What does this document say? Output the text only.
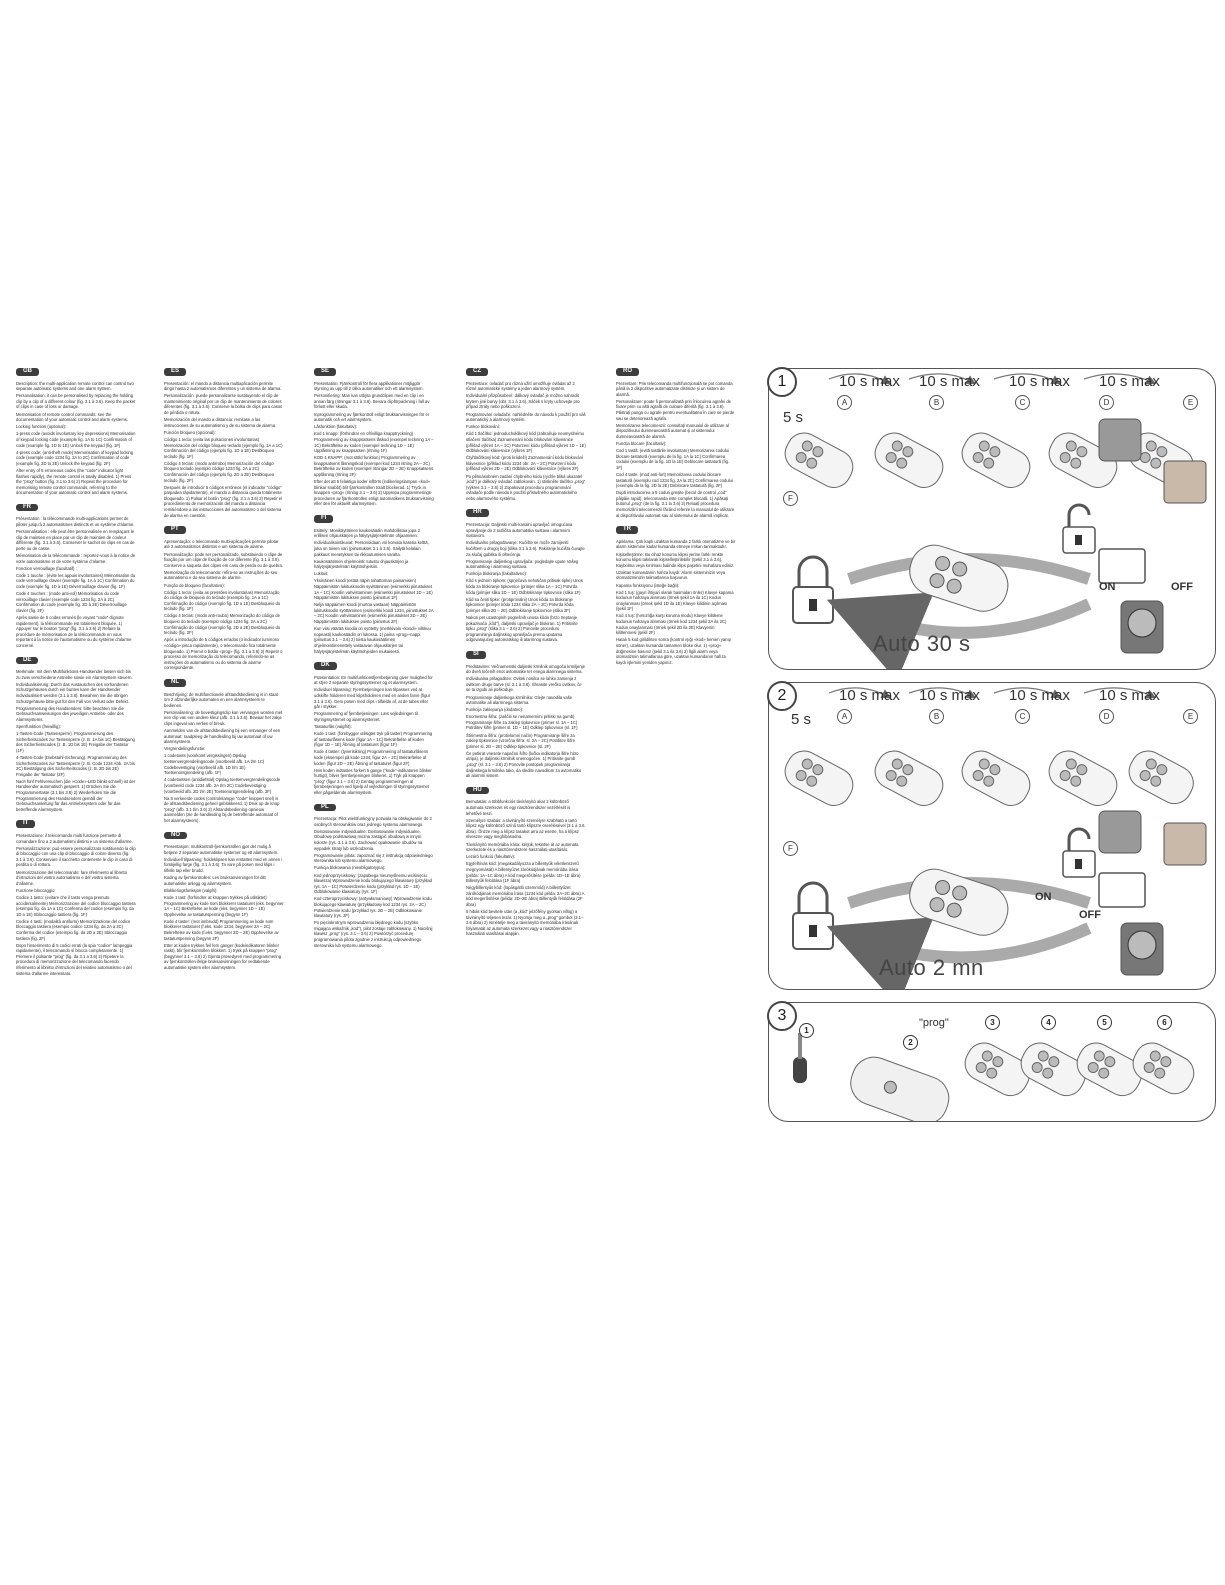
GB
Description: the multi-application remote control can control two separate automatic systems and one alarm system.
Personalisation: it can be personalised by replacing the holding clip by a clip of a different colour (fig. 3.1 à 3.6). Keep the packet of clips in case of loss or damage.
Memorisation of remote control commands: see the documentation of your automatic control and alarm systems.
Locking function (optional):
1-press code (avoids involuntary key depressions) Memorisation of keypad locking code (example fig. 1A to 1C) Confirmation of code (example fig. 1D to 1E) Unlock the keypad (fig. 1F)
4-press code: (anti-theft mode) Memorisation of keypad locking code (example code 1234 fig. 2A to 2C) Confirmation of code (example fig. 2D to 2E) Unlock the keypad (fig. 2F)
After entry of 5 erroneous codes (the “code” indicator light flashes rapidly), the remote control is totally disabled. 1) Press the “prog” button (fig. 3.1 to 3.6) 2) Repeat the procedure for memorising remote control commands, referring to the documentation of your automatic control and alarm systems.
FR
Présentation : la télécommande multi-applications permet de piloter jusqu’à 2 automatismes distincts et un système d’alarme.
Personnalisation : elle peut être personnalisée en remplaçant le clip de maintien en place par un clip de maintien de couleur différente (fig. 3.1 à 3.6). Conserver le sachet de clips en cas de perte ou de casse.
Mémorisation de la télécommande : reportez-vous à la notice de votre automatisme et de votre système d’alarme.
Fonction verrouillage (facultatif) :
Code 1 touche : (évite les appuis involontaires) Mémorisation du code verrouillage clavier (exemple fig. 1A à 1C) Confirmation du code (exemple fig. 1D à 1E) Déverrouillage clavier (fig. 1F)
Code 4 touches : (mode anti-vol) Mémorisation du code verrouillage clavier (exemple code 1234 fig. 2A à 2C) Confirmation du code (exemple fig. 2D à 2E) Déverrouillage clavier (fig. 2F)
Après saisie de 5 codes erronés (le voyant “code” clignote rapidement), la télécommande est totalement bloquée. 1) Appuyer sur le bouton “prog” (fig. 3.1 à 3.6) 2) Refaire la procédure de mémorisation de la télécommande en vous reportant à la notice de l’automatisme ou du système d’alarme concerné.
DE
Merkmale: mit dem Multifunktions-Handsender lassen sich bis zu zwei verschiedene Antriebe sowie ein Alarmsystem steuern.
Individualisierung: Durch das Austauschen des vorhandenen Schutzgehäuses durch ein buntes kann der Handsender individualisiert werden (3.1 à 3.6). Bewahren Sie die übrigen Schutzgehäuse bitte gut für den Fall von Verlust oder Defekt.
Programmierung des Handsenders: bitte beachten Sie die Gebrauchsanweisungen des jeweiligen Antriebs- oder des Alarmsystems.
Sperrfunktion (freiwillig):
1-Tasten-Code (Tastensperre). Programmierung des Sicherheitscodes zur Tastensperre (z. B. 1A bis 1C) Bestätigung des Sicherheitscodes (z. B. 1D bis 1E) Freigabe der Tastatur (1F)
4-Tasten-Code (Diebstahl-Sicherung). Programmierung des Sicherheitscodes zur Tastensperre (z. B. Code 1234 Abb. 2A bis 2C) Bestätigung des Sicherheitscodes (z. B. 2D bis 2E) Freigabe der Tastatur (2F)
Nach fünf Fehlversuchen (die «Code»-LED blinkt schnell) ist der Handsender automatisch gesperrt. 1) Drücken Sie die Programmiertaste (3.1 bis 3.6) 2) Wiederholen Sie die Programmierung des Handsenders gemäß der Gebrauchsanleitung für das Antriebssystem oder für das betreffende Alarmsystem.
IT
Presentazione: il telecomando multi funzione permette di comandare fino a 2 automatismi distinti e un sistema d’allarme.
Personalizzazione: può essere personalizzato sostituendo la clip di bloccaggio con una clip di bloccaggio di colore diverso (fig. 3.1 à 3.6). Conservare il sacchetto contenente le clip in caso di perdita o di rottura.
Memorizzazione del telecomando: fare riferimento al libretto d’istruzioni del vostro automatismo e del vostro sistema d’allarme.
Funzione bloccaggio:
Codice 1 tasto: (evitare che il tasto venga premuto accidentalmente) Memorizzazione del codice bloccaggio tastiera (esempio fig. da 1A a 1C) Conferma del codice (esempio fig. da 1D a 1E) Sbloccaggio tastiera (fig. 1F)
Codice 4 tasti: (modalità antifurto) Memorizzazione del codice bloccaggio tastiera (esempio codice 1234 fig. da 2A a 2C) Conferma del codice (esempio fig. da 2D a 2E) Sbloccaggio tastiera (fig. 2F)
Dopo l’inserimento di 5 codici errati (la spia “codice” lampeggia rapidamente), il telecomando si blocca completamente. 1) Premere il pulsante “prog” (fig. da 3.1 a 3.6) 2) Ripetere la procedura di memorizzazione del telecomando facendo riferimento al libretto d’istruzioni del relativo automatismo o del sistema d’allarme interessato.
ES
Presentación: el mando a distancia multiaplicación permite dirigir hasta 2 automatismos diferentes y un sistema de alarma.
Personalización: puede personalizarse sustituyendo el clip de mantenimiento original por un clip de mantenimiento de colores diferentes (fig. 3.1 à 3.6). Conserve la bolsa de clips para casos de pérdida o rotura.
Memorización del mando a distancia: remitase a las instrucciones de su automatismo y de su sistema de alarma.
Función bloqueo (opcional):
Código 1 tecla: (evita las pulsaciones involuntarias) Memorización del código bloqueo teclado (ejemplo fig. 1A a 1C) Confirmación del código (ejemplo fig. 1D a 1E) Desbloqueo teclado (fig. 1F)
Código 4 teclas: (modo antirrobo) Memorización del código bloqueo teclado (ejemplo código 1234 fig. 2A a 2C) Confirmación del código (ejemplo fig. 2D a 2E) Desbloqueo teclado (fig. 2F)
Después de introducir 5 códigos erróneos (el indicador “código” parpadea rápidamente), el mando a distancia queda totalmente bloqueado. 1) Pulsar el botón “prog” (fig. 3.1 a 3.6) 2) Repetir el procedimiento de memorización del mando a distancia remitiéndose a las instrucciones del automatismo o del sistema de alarma en cuestión.
PT
Apresentação: o telecomando multi-aplicações permite pilotar até 2 automatismos distintos e um sistema de alarme.
Personalização: pode ser personalizado, substituindo o clipe de fixação por um clipe de fixação de cor diferente (fig. 3.1 à 3.6). Conserve a saqueta dos clipes em caso de perda ou de quebra.
Memorização do telecomando: refira-se as instruções do seu automatismo e do seu sistema de alarme.
Função de bloqueio (facultativo):
Código 1 tecla: (evita as pressões involuntárias) Memorização do código de bloqueio do teclado (exemplo fig. 1A a 1C) Confirmação do código (exemplo fig. 1D a 1E) Desbloqueio do teclado (fig. 1F)
Código 4 teclas: (modo anti-roubo) Memorização do código de bloqueio do teclado (exemplo código 1234 fig. 2A a 2C) Confirmação do código (exemplo fig. 2D a 2E) Desbloqueio do teclado (fig. 2F)
Após a introdução de 5 códigos errados (o indicador luminoso «código» pisca rapidamente), o telecomando fica totalmente bloqueado. 1) Premir o botão «prog» (fig. 3.1 a 3.6) 2) Repetir o processo de memorização do telecomando, referindo-se as instruções do automatismo ou do sistema de alarme correspondente.
NL
Beschrijving: de multifunctionele afstandsbediening is in staat om 2 afzonderlijke automaten en een alarmsysteem te bedienen.
Personalisering: de bevestigingsclip kan vervangen worden met een clip van een andere kleur (afb. 3.1 à 3.6). Bewaar het zakje clips ingeval van verlies of breuk.
Aanmelden van de afstandsbediening bij een ontvanger of een automaat: raadpleeg de handleiding bij uw automaat of uw alarmsysteem.
Vergrendelingsfunctie:
1 codetoets (voorkomt vergissingen) Opslag toetsenvergrendelingscode (voorbeeld afb. 1A t/m 1C) Codebevestiging (voorbeeld afb. 1D t/m 1E) Toetsenontgrendeling (afb. 1F)
4 codetoetsen (antidiefstal) Opslag toetsenvergrendelingscode (voorbeeld code 1234 afb. 2A t/m 2C) Codebevestiging (voorbeeld afb. 2D t/m 2E) Toetsenontgrendeling (afb. 2F)
Na 5 verkeerde codes (controlelampje “code” knippert snel) is de afstandsbediening geheel geblokkeerd. 1) Druk op de knop “prog” (afb. 3.1 t/m 3.6) 2) Afstandsbediening opnieuw aanmelden (zie de handleiding bij de betreffende automaat of het alarmsysteem).
NO
Presentasjon: multikontroll-fjernkontrollen gjør det mulig å betjene 2 separate automatiske systemer og ett alarmsystem.
Individuell tilpasning: holdeklipsen kan erstattes med en annen i forskjellig farge (fig. 3.1 à 3.6). Ta vare på posen med klips i tilfelle tap eller brudd.
Koding av fjernkontrollen: Les bruksanvisningen for ditt automatiske anlegg og alarmsystem.
Blokkeringsfunksjon (valgfri):
Kode 1 tast: (forhindrer at knappen trykkes på utilsiktet) Programmering av kode som blokkerer tastaturet (eks. begynner 1A – 1C) Bekreftelse av kode (eks. begynner 1D – 1E) Opphevelse av tastaturspenning (begynn 1F)
Kode 4 taster: (mot innbrudd) Programmering av kode som blokkerer tastaturet (f.eks. kode 1234, begynner 2A – 2C) Bekreftelse av kode (f.eks. begynner 2D – 2E) Opphevelse av tastaturspenning (begynn 2F)
Etter at koden trykkes feil fem ganger (kodeindikatoren blinker raskt), blir fjernkontrollen blokkert. 1) trykk på knappen “prog” (begynner 3.1 – 3.6) 2) Gjenta prosedyren med programmering av fjernkontrollen ifelge bruksanvisningen for vedtakende automatiske system eller alarmsystem.
SE
Presentation: Fjärrkontroll för flera applikationer möjliggör styrning av upp till 2 olika automatiker och ett alarmsystem.
Personifiering: Man kan utbyta grundclipen med en clip i en annan färg (ritningar 3.1 à 3.6). Bevara clipförpackning i fall av förlust eller skada.
Inprogrammering av fjärrkontroll enligt bruksanvisningen för er automatik och ert alarmsystem.
Låsfunktion (fakultativ):
Kod 1 knapp: (förhindrar en ofrivilliga knapptryckning) Programmering av knappsatsens låskod (exempel teckning 1A – 1C) Bekräftelse av koden (exempel teckning 1D – 1E) Upplåsning av knappsatsen (ritning 1F)
KOD 4 KNAPP: (mot stöld funktion) Programmering av knappsatsens låsningskod (exempel kod 1234 ritning 2A – 2C) Bekräftelse av koden (exempel ritningar 2D – 2E) Knappsatsens upplåsning (ritning 2F)
Efter det att 5 felaktiga koder inflörts (indikeringslampan «kod» blinkar snabbt) blir fjärrkontrollen totalt blockerad. 1) Tryck in knappen «prog» (ritning 3.1 – 3.6) 2) Upprepa programmerings-proceduren av fjärrkontrollen enligt automatikens bruksanvisning eller den för aktuellt alarmsystem.
FI
Esittely: Monikäyttöinen kaukosäädin mahdollistaa jopa 2 erillisen ohjauskärjen ja hälytysjärjestelmän ohjaamisen.
Individualisointikuvat: Personoidaan voi korvata kasetia kelttä, joka on toisen väri (piirustukset 3.1 à 3.6). Säilytä kelalain pakkaus menetyksen tai rikkoutumisen varalta.
Kaukosäätimen ohjelmointi: tutustu ohjauskärjen ja hälytysjärjestelmän käyttöohjeisiin.
Lukitus:
Yksinäinen koodi (estää näpin tahattoman painamisen) Näppäimistön lukituskoodin syvittäminen (esimerkki piirustukset 1A – 1C) Koodin vahvistaminen (esimerkki piirustukset 1D – 1E) Näppäimistön lukituksen poisto (piirustus 1F)
Neljä näppäimen koodi (murtoa vastaan) Näppäimistön lukituskoodin syöttäminen (esimerkki koodi 1234, piirustukset 2A – 2C) Koodin vahvistaminen (esimerkki piirustukset 2D – 2E) Näppäimistön lukituksen poisto (piirustus 2F)
Kun viisi väärää koodia on syötetty (merkkivalo «koodi» vilkkuu nopeasti) kaukosäädin on lukossa. 1) paina «prog»-nappi (piirustus 3.1 – 3.6) 2) toista kaukosäätimen ohjelmointimenettely vastaavan ohjauskärjen tai hälytysjärjestelmän käyttöohjeiden mukaisesti.
DK
Præsentation: En multifunktionsfjernbetjening giver mulighed for at styre 2 separate styringssystemer og et alarmsystem.
Individuel tilpasning: Fjernbetjeningen kan tilpasses ved at udskifte holderen med klipsholderen med en anden farve (figur 3.1 à 3.6). Gem posen med clips i tilfælde af, at de tabes eller går i stykker.
Programmering af fjernbetjeningen: Læs vejledningen til styringssystemet og alarmsystemet.
Tastaturlås (valgfrit):
Kode 1 tast: (forebygger utilsigtet tryk på taster) Programmering af tastaturlåsens kode (figur 1A – 1C) Bekræftelse af koden (figur 1D – 1E) Åbning af tastaturet (figur 1F)
Kode 4 taster: (tyverisikring) Programmering af tastaturlåsens kode (eksempel på kode 1234, figur 2A – 2C) Bekræftelse af koden (figur 2D – 2E) Åbning af tastaturet (figur 2F)
Hvis koden indtastes forkert 5 gange (“kode”-indikatoren blinker hurtigt), bliver fjernbetjeningen blokeret. 1) Tryk på knappen “prog” (figur 3.1 – 3.6) 2) Gentag programmeringen af fjernbetjeningen ved hjælp af vejledningen til styringssystemet eller pågældende alarmsystem.
PL
Prezentacja: Pilot wielofunkcyjny pozwala na obsługiwanie do 2 osobnych sterowników oraz jednego systemu alarmowego.
Dostosowanie indywidualne: Dostosowanie indywidualne. Obudowę podstawową można zastąpić obudową w innym kolorze (rys. 3.1 à 3.6). Zachować opakowanie obudów na wypadek straty lub uszkodzenia.
Programowanie pilota: zapoznać się z instrukcją odpowiedniego sterownika lub systemu alarmowego.
Funkcja blokowania (nieobligatoryjna):
Kod jednoprzyciskowy: (zapobiega nieumyślnemu wciśnięciu klawisza) Wprowadzenie kodu blokującego klawiaturę (przykład rys. 1A – 1C) Potwierdzenie kodu (przykład rys. 1D – 1E) Odblokowanie klawiatury (rys. 1F)
Kod czteroprzyciskowy: (antywłamaniowy) Wprowadzenie kodu blokującego klawiaturę (przykładowy kod 1234 rys. 2A – 2C) Potwierdzenie kodu (przykład rys. 2D – 2E) Odblokowanie klawiatury (rys. 2F)
Po pięciokrotnym wprowadzeniu błędnego kodu (szybko migająca wskaźnik „kod”), pilot zostaje zablokowany. 1) Naciśnij klawisz „prog” (rys. 3.1 – 3.6) 2) Powtórzyć procedurę programowania pilota zgodnie z instrukcją odpowiedniego sterownika lub systemu alarmowego.
CZ
Prezentace: ovladač pro různá užití umožňuje ovládat až 2 různé automatické systémy a jeden alarmový systém.
Individuální přizpůsobení: dálkový ovladač je možno nahradit krytem jiné barvy (obr. 3.1 à 3.6). Sáček s kryty uchovejte pro případ ztráty nebo poškození.
Programování ovladače: nahlédněte do návodu k použití pro váš automatický a alarmový systém.
Funkce blokování:
Kód 1 tlačítko: jednoduchoklikový kód (zabraňuje neumyslnému stlačení tlačítka) Zaznamenání kódu blokování klávesnice (příklad výkres 1A – 1C) Potvrzení kódu (příklad výkres 1D – 1E) Odblokování klávesnice (výkres 1F)
Čtyřtlačítkový kód: (proti krádeži) Zaznamenání kódu blokování klávesnice (příklad kódu 1234 obr. 2A – 2C) Potvrzení kódu (příklad výkres 2D – 2E) Odblokování klávesnice (výkres 2F)
Po pětinásobném zadání chybného kódu (rychle bliká ukazatel „kód“) je dálkový ovladač zablokován. 1) stiskněte tlačítko „prog“ (výkres 3.1 – 3.6) 2) Zopakovat proceduru programování ovladače podle návodu k použití příslušného automatického nebo alarmového systému.
HR
Prezentacija: Daljinski multi-kanalni upravljač omogućava upravljanje do 2 različita automatska sustava i alarmnim sustavom.
Individualno prilagođavanje: Kućište se može zamijeniti kućištem u drugoj boji (slika 3.1 à 3.6). Pakiranje kućišta čuvajte za slučaj gubitka ili oštećenja.
Programiranje daljinskog upravljača: pogledajte upute Vašeg automatskog i alarmnog sustava.
Funkcija blokiranja (fakultativno):
Kôd s jednom tipkom: (sprječava nehotičan pritisak tipke) Unos kôda za blokiranje tipkovnice (primjer slika 1A – 1C) Potvrda kôda (primjer slika 1D – 1E) Odblokiranje tipkovnice (slika 1F)
Kôd sa četiri tipke: (protiprovalni) Unos kôda za blokiranje tipkovnice (primjer kôda 1234 slika 2A – 2C) Potvrda kôda (primjer slika 2D – 2E) Odblokiranje tipkovnice (slika 2F)
Nakon pet uzastopnih pogrešnih unosa kôda (brzo treptanje pokazivača „kôd“), daljinski upravljač je blokiran. 1) Pritisnite tipku „prog“ (slika 3.1 – 3.6) 2) Ponovite proceduru programiranja daljinskog upravljača prema uputama odgovarajućeg automatskog ili alarmnog sustava.
SI
Predstavitev: Večnamenski daljinski krmilnik omogoča krmiljenje do dveh ločenih enot avtomatike ter enega alarmnega sistema.
Individualna prilagoditev: Ovitek nosilca se lahko zamenja z ovitkom druge barve (sl. 3.1 à 3.6). Shranite vrečko ovitkov, če se ta izgubi ali poškoduje.
Programiranje daljinskega krmilnika: Glejte navodila vaše avtomatike ali alarmnega sistema.
Funkcija zaklepanja (dodatno):
Enomestna šifra: (zaščiti se nenamernimi pritiski na gumb) Programiranje šifre za zaklep tipkovnice (primer sl. 1A – 1C) Potrditev šifre (primer sl. 1D – 1E) Odklep tipkovnice (sl. 1F)
Štirimestna šifra: (protivlomni način) Programiranje šifre za zaklep tipkovnice (vzorčna šifra: sl. 2A – 2C) Potrditev šifre (primer sl. 2D – 2E) Odklep tipkovnice (sl. 2F)
Če petkrat vnesete napačno šifro (lučka indikatorja šifre hitro utripa), je daljinski krmilnik onemogočen. 1) Pritisnite gumb „prog“ (sl. 3.1 – 3.6) 2) Ponovite postopek programiranja daljinskega krmilnika tako, da sledite navodilom za avtomatiko ali alarmni sistem.
HU
Bemutatás: a többfunkciós távirányító akar 2 különböző automata szerkezet és egy riasztórendszer vezérlését is lehetővé teszi.
Személyre szabás: a távirányító személyre szabható a tartó klípsz egy különböző színű tartó klípszre cserélésével (3.1 à 3.6. ábra). Őrizze meg a klípsz tasakot arra az esetre, ha a klípsz elveszne vagy meghibásodna.
Távirányító memóriába írása: kérjük, tekintse át az automata szerkezete és a riasztórendszere használati utasítását.
Lezáró funkció (fakultatív):
Egyfelhívás kód: (megakadályozza a billentyűk véletlenszerű megnyomását) A billentyűzet zárókódjának memóriába írása (példa: 1A–1C ábra) A kód megerősítése (példa: 1D–1E ábra) Billentyűk feloldása (1F ábra)
Négybillentyűs kód: (lopásgátló üzemmód) A billentyűzet zárókódjának memóriába írása (1234 kód példa: 2A–2C ábra) A kód megerősítése (példa: 2D–2E ábra) Billentyűk feloldása (2F ábra)
5 hibás kód bevitele után (a „kód“ jelzőfény gyorsan villog) a távirányító teljesen lezár. 1) Nyomja meg a „prog“ gombot (3.1–3.6 ábra) 2) Ismételje meg a távirányító memóriába írásának folyamatát az automata szerkezet vagy a riasztórendszer használati utasításai alapján.
RO
Prezentare: Prin telecomanda multifuncțională se pot comanda până la 2 dispozitive automatizate distincte și un sistem de alarmă.
Personalizare: poate fi personalizată prin înlocuirea agrafei de fixare prim cu altă agrafă de culoare diferită (fig. 3.1 à 3.6). Păstrați punga cu agrafe pentru eventualitatea în care se pierde sau se deteriorează agrafa.
Memorizarea telecomenzii: consultați manualul de utilizare al dispozitivului dumneavoastră automat și al sistemului dumneavoastră de alarmă.
Funcția blocare (facultativ):
Cod 1 tastă: (evită tastările involuntare) Memorizarea codului blocare tastatură (exemplu de la fig. 1A la 1C) Confirmarea codului (exemplu de la fig. 1D la 1E) Deblocare tastatură (fig. 1F)
Cod 4 taste: (mod anti-furt) Memorizarea codului blocare tastatură (exemplu cod 1234 fig. 2A la 2C) Confirmarea codului (exemplu de la fig. 2D la 2E) Deblocare tastatură (fig. 2F)
După introducerea a 5 coduri greșite (becul de control „cod“ pâlpâie rapid), telecomanda este complet blocată. 1) Apăsați butonul „prog“ (de la fig. 3.1 la 3.6) 2) Reluați procedura memorizării telecomenzii făcând referire la manualul de utilizare al dispozitivului automat sau al sistemului de alarmă implicat.
TR
Apıklama: Çok kaplı uzaktan kumanda 2 farklı otomatizme ve bir alarm sistemine kadar kumanda etmeye imkan tanmaktadır.
Kişiselleştirme: Bu cihaz konumu klipsi yerine farklı renkte konumu klipsi takılarak kişiselleştirilebilir (Şekil 3.1 à 3.6). Kaybolma veya kırılması halinde klips paşetini muhafaza ediniz.
Uzaktan kumandanın hafıza kaydı: Alarm sisteminizin veya otomatizminizin talimatlarına başvurun.
Kapama fonksiyonu (isteğe bağlı):
Kod 1 tuş: (gayri ihtiyari olarak basmaları önler) Klavye kapama kodunun hafızaya alınması (örnek şekil 1A ila 1C) Kodun onaylanması (örnek şekil 1D ila 1E) Klavye kilidinin açılması (şekil 1F)
Kod 4 tuş: (hırsızlığa karşı koruma modu) Klavye kilitleme kodunun hafızaya alınması (örnek kod 1234 şekil 2A ila 2C) Kodun onaylanması (örnek şekil 2D ila 2E) Klavyenin kilitlenmesi (şekil 2F)
Hatalı 5 kod girildikten sonra (kontrol ışığı «kod» hemen yanıp söner), uzaktan kumanda tamamen bloke olur. 1) «prog» düğmesine basınız (şekil 3.1 ila 3.6) 2) İlgili alarm veya otomatizmin talimatlarına göre, uzaktan kumandanın hafıza kaydı işlemini yeniden yapınız.
1	10 s max 10 s max 10 s max 10 s max
5 s
A	B	C	D	E
F
Auto 30 s
ON	OFF
2	10 s max 10 s max 10 s max 10 s max
5 s	A	B	C	D	E
F
Auto 2 mn
ON
OFF
3
1
2
3	4	5	6
"prog"
